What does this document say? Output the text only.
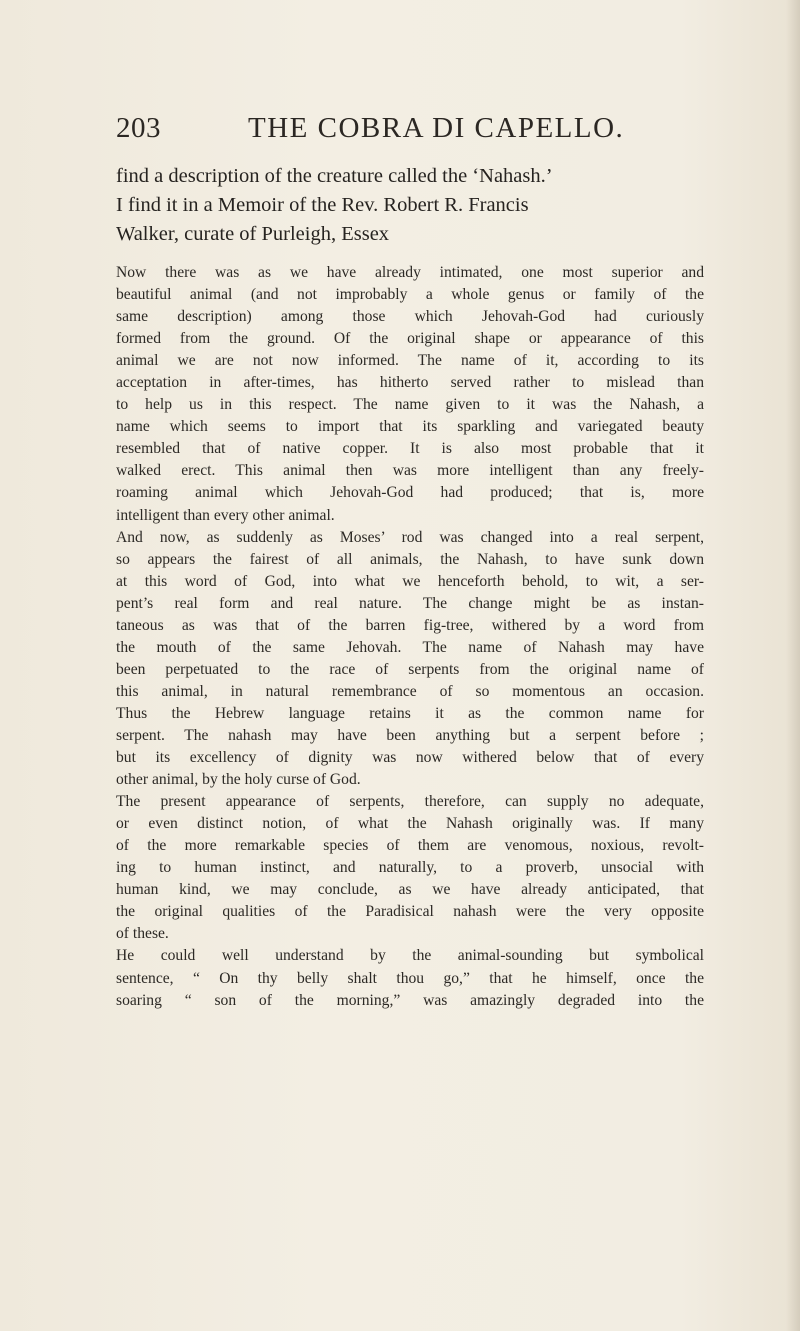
203	THE COBRA DI CAPELLO.
find a description of the creature called the ‘Nahash.’
I find it in a Memoir of the Rev. Robert R. Francis
Walker, curate of Purleigh, Essex
Now there was as we have already intimated, one most superior and
beautiful animal (and not improbably a whole genus or family of the
same description) among those which Jehovah-God had curiously
formed from the ground. Of the original shape or appearance of this
animal we are not now informed. The name of it, according to its
acceptation in after-times, has hitherto served rather to mislead than
to help us in this respect. The name given to it was the Nahash, a
name which seems to import that its sparkling and variegated beauty
resembled that of native copper. It is also most probable that it
walked erect. This animal then was more intelligent than any freely-
roaming animal which Jehovah-God had produced; that is, more
intelligent than every other animal.
And now, as suddenly as Moses’ rod was changed into a real serpent,
so appears the fairest of all animals, the Nahash, to have sunk down
at this word of God, into what we henceforth behold, to wit, a ser-
pent’s real form and real nature. The change might be as instan-
taneous as was that of the barren fig-tree, withered by a word from
the mouth of the same Jehovah. The name of Nahash may have
been perpetuated to the race of serpents from the original name of
this animal, in natural remembrance of so momentous an occasion.
Thus the Hebrew language retains it as the common name for
serpent. The nahash may have been anything but a serpent before ;
but its excellency of dignity was now withered below that of every
other animal, by the holy curse of God.
The present appearance of serpents, therefore, can supply no adequate,
or even distinct notion, of what the Nahash originally was. If many
of the more remarkable species of them are venomous, noxious, revolt-
ing to human instinct, and naturally, to a proverb, unsocial with
human kind, we may conclude, as we have already anticipated, that
the original qualities of the Paradisical nahash were the very opposite
of these.
He could well understand by the animal-sounding but symbolical
sentence, “ On thy belly shalt thou go,” that he himself, once the
soaring “ son of the morning,” was amazingly degraded into the
